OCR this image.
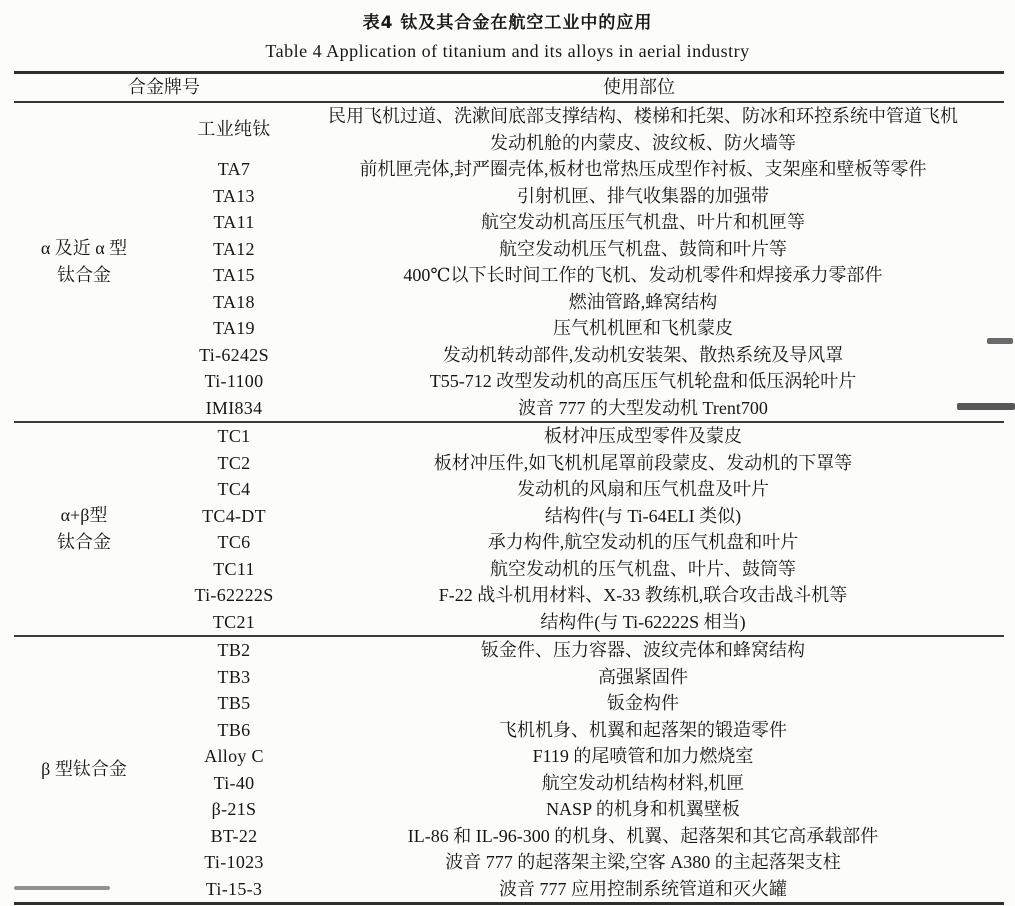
表4 钛及其合金在航空工业中的应用
Table 4 Application of titanium and its alloys in aerial industry
合金牌号		使用部位

α 及近 α 型
钛合金
	工业纯钛	
民用飞机过道、洗漱间底部支撑结构、楼梯和托架、防冰和环控系统中管道飞机
发动机舱的内蒙皮、波纹板、防火墙等

	TA7	前机匣壳体,封严圈壳体,板材也常热压成型作衬板、支架座和壁板等零件
	TA13	引射机匣、排气收集器的加强带
	TA11	航空发动机高压压气机盘、叶片和机匣等
	TA12	航空发动机压气机盘、鼓筒和叶片等
	TA15	400℃以下长时间工作的飞机、发动机零件和焊接承力零部件
	TA18	燃油管路,蜂窝结构
	TA19	压气机机匣和飞机蒙皮
	Ti-6242S	发动机转动部件,发动机安装架、散热系统及导风罩
	Ti-1100	T55-712 改型发动机的高压压气机轮盘和低压涡轮叶片
	IMI834	波音 777 的大型发动机 Trent700

α+β型
钛合金	TC1	板材冲压成型零件及蒙皮
	TC2	板材冲压件,如飞机机尾罩前段蒙皮、发动机的下罩等
	TC4	发动机的风扇和压气机盘及叶片
	TC4-DT	结构件(与 Ti-64ELI 类似)
	TC6	承力构件,航空发动机的压气机盘和叶片
	TC11	航空发动机的压气机盘、叶片、鼓筒等
	Ti-62222S	F-22 战斗机用材料、X-33 教练机,联合攻击战斗机等
	TC21	结构件(与 Ti-62222S 相当)

β 型钛合金	TB2	钣金件、压力容器、波纹壳体和蜂窝结构
	TB3	高强紧固件
	TB5	钣金构件
	TB6	飞机机身、机翼和起落架的锻造零件
	Alloy C	F119 的尾喷管和加力燃烧室
	Ti-40	航空发动机结构材料,机匣
	β-21S	NASP 的机身和机翼壁板
	BT-22	IL-86 和 IL-96-300 的机身、机翼、起落架和其它高承载部件
	Ti-1023	波音 777 的起落架主梁,空客 A380 的主起落架支柱
	Ti-15-3	波音 777 应用控制系统管道和灭火罐
